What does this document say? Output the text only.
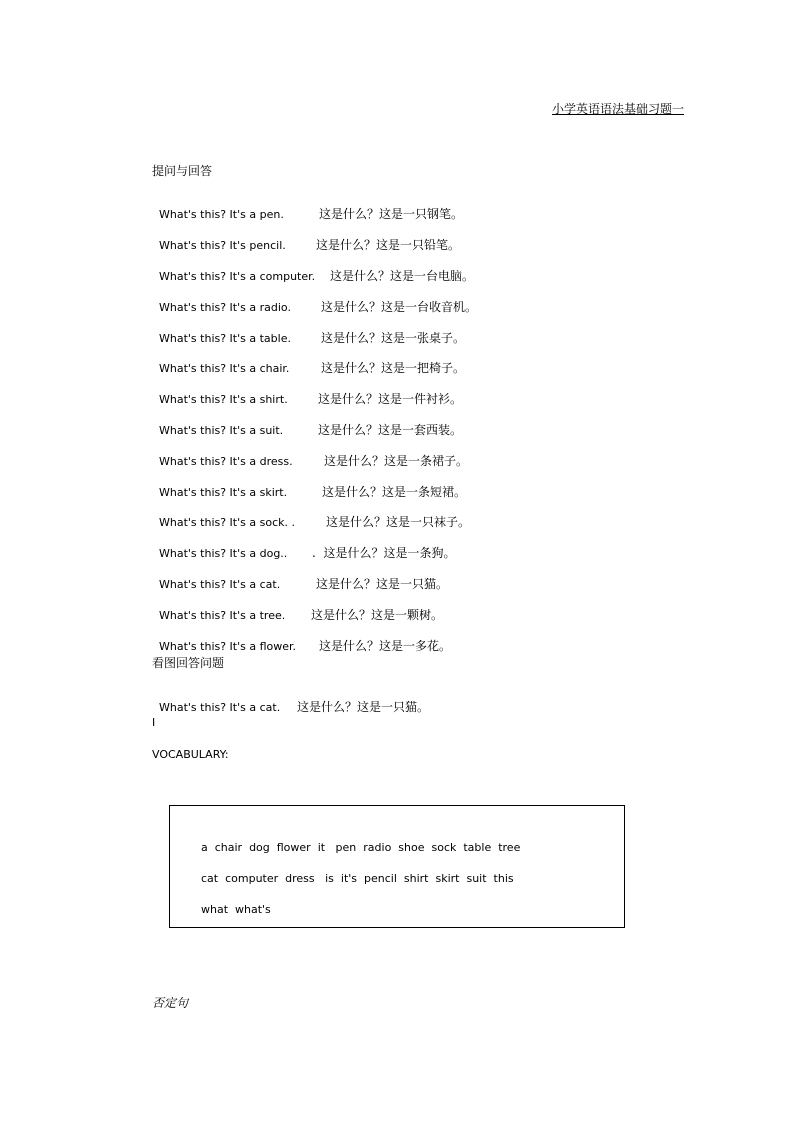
小学英语语法基础习题一
提问与回答

What's this? It's a pen.	这是什么？这是一只钢笔。

What's this? It's pencil.	这是什么？这是一只铅笔。

What's this? It's a computer. 这是什么？这是一台电脑。

What's this? It's a radio.	这是什么？这是一台收音机。

What's this? It's a table.	这是什么？这是一张桌子。

What's this? It's a chair.	这是什么？这是一把椅子。

What's this? It's a shirt.	这是什么？这是一件衬衫。

What's this? It's a suit.	这是什么？这是一套西装。

What's this? It's a dress.	这是什么？这是一条裙子。

What's this? It's a skirt.	这是什么？这是一条短裙。

What's this? It's a sock. .	这是什么？这是一只袜子。

What's this? It's a dog.. .  这是什么？这是一条狗。

What's this? It's a cat.	这是什么？这是一只猫。

What's this? It's a tree. 这是什么？这是一颗树。

What's this? It's a flower. 这是什么？这是一多花。

看图回答问题

What's this? It's a cat. 这是什么？这是一只猫。

I
VOCABULARY:
a  chair  dog  flower  it   pen  radio  shoe  sock  table  tree
cat  computer  dress   is  it's  pencil  shirt  skirt  suit  this
what  what's
否定句
